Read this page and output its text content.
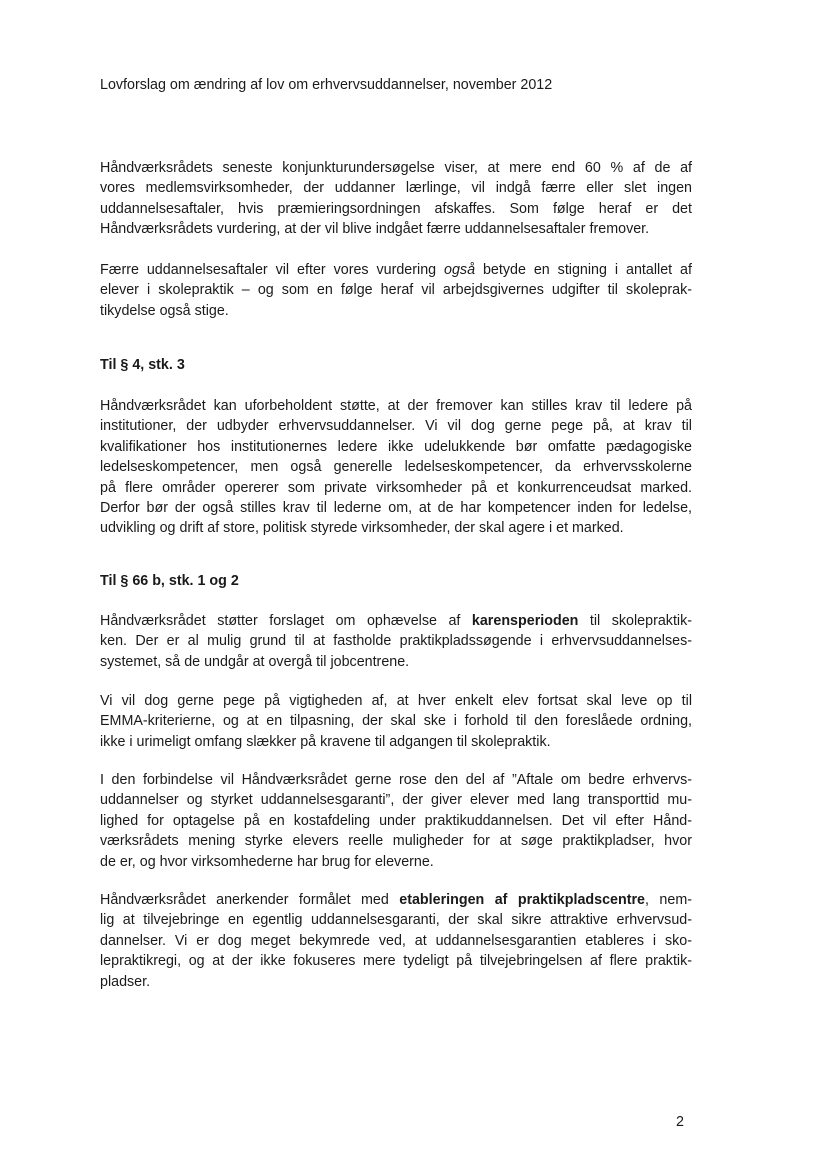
Lovforslag om ændring af lov om erhvervsuddannelser, november 2012
Håndværksrådets seneste konjunkturundersøgelse viser, at mere end 60 % af de af
vores medlemsvirksomheder, der uddanner lærlinge, vil indgå færre eller slet ingen
uddannelsesaftaler, hvis præmieringsordningen afskaffes. Som følge heraf er det
Håndværksrådets vurdering, at der vil blive indgået færre uddannelsesaftaler fremover.
Færre uddannelsesaftaler vil efter vores vurdering også betyde en stigning i antallet af
elever i skolepraktik – og som en følge heraf vil arbejdsgivernes udgifter til skoleprak-
tikydelse også stige.
Til § 4, stk. 3
Håndværksrådet kan uforbeholdent støtte, at der fremover kan stilles krav til ledere på
institutioner, der udbyder erhvervsuddannelser. Vi vil dog gerne pege på, at krav til
kvalifikationer hos institutionernes ledere ikke udelukkende bør omfatte pædagogiske
ledelseskompetencer, men også generelle ledelseskompetencer, da erhvervsskolerne
på flere områder opererer som private virksomheder på et konkurrenceudsat marked.
Derfor bør der også stilles krav til lederne om, at de har kompetencer inden for ledelse,
udvikling og drift af store, politisk styrede virksomheder, der skal agere i et marked.
Til § 66 b, stk. 1 og 2
Håndværksrådet støtter forslaget om ophævelse af karensperioden til skolepraktik-
ken. Der er al mulig grund til at fastholde praktikpladssøgende i erhvervsuddannelses-
systemet, så de undgår at overgå til jobcentrene.
Vi vil dog gerne pege på vigtigheden af, at hver enkelt elev fortsat skal leve op til
EMMA-kriterierne, og at en tilpasning, der skal ske i forhold til den foreslåede ordning,
ikke i urimeligt omfang slækker på kravene til adgangen til skolepraktik.
I den forbindelse vil Håndværksrådet gerne rose den del af ”Aftale om bedre erhvervs-
uddannelser og styrket uddannelsesgaranti”, der giver elever med lang transporttid mu-
lighed for optagelse på en kostafdeling under praktikuddannelsen. Det vil efter Hånd-
værksrådets mening styrke elevers reelle muligheder for at søge praktikpladser, hvor
de er, og hvor virksomhederne har brug for eleverne.
Håndværksrådet anerkender formålet med etableringen af praktikpladscentre, nem-
lig at tilvejebringe en egentlig uddannelsesgaranti, der skal sikre attraktive erhvervsud-
dannelser. Vi er dog meget bekymrede ved, at uddannelsesgarantien etableres i sko-
lepraktikregi, og at der ikke fokuseres mere tydeligt på tilvejebringelsen af flere praktik-
pladser.
2
